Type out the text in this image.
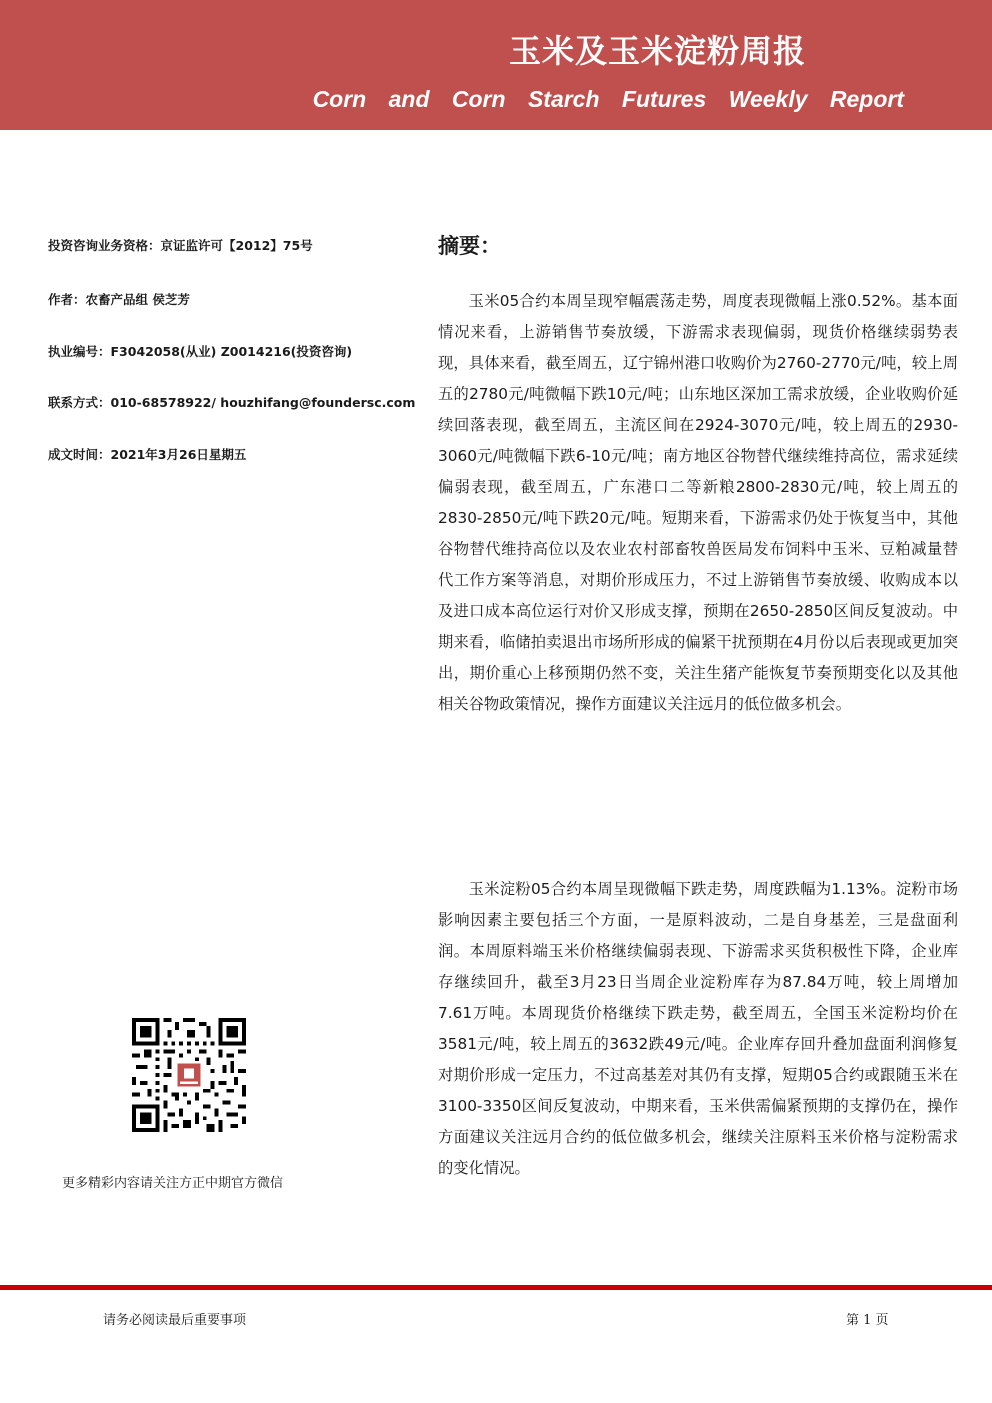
玉米及玉米淀粉周报
Corn and Corn Starch Futures Weekly Report
投资咨询业务资格：京证监许可【2012】75号
作者：农畜产品组 侯芝芳
执业编号：F3042058(从业) Z0014216(投资咨询)
联系方式：010-68578922/ houzhifang@foundersc.com
成文时间：2021年3月26日星期五
摘要：

玉米05合约本周呈现窄幅震荡走势，周度表现微幅上涨0.52%。基本面情况来看，上游销售节奏放缓，下游需求表现偏弱，现货价格继续弱势表现，具体来看，截至周五，辽宁锦州港口收购价为2760-2770元/吨，较上周五的2780元/吨微幅下跌10元/吨；山东地区深加工需求放缓，企业收购价延续回落表现，截至周五，主流区间在2924-3070元/吨，较上周五的2930-3060元/吨微幅下跌6-10元/吨；南方地区谷物替代继续维持高位，需求延续偏弱表现，截至周五，广东港口二等新粮2800-2830元/吨，较上周五的2830-2850元/吨下跌20元/吨。短期来看，下游需求仍处于恢复当中，其他谷物替代维持高位以及农业农村部畜牧兽医局发布饲料中玉米、豆粕减量替代工作方案等消息，对期价形成压力，不过上游销售节奏放缓、收购成本以及进口成本高位运行对价又形成支撑，预期在2650-2850区间反复波动。中期来看，临储拍卖退出市场所形成的偏紧干扰预期在4月份以后表现或更加突出，期价重心上移预期仍然不变，关注生猪产能恢复节奏预期变化以及其他相关谷物政策情况，操作方面建议关注远月的低位做多机会。

玉米淀粉05合约本周呈现微幅下跌走势，周度跌幅为1.13%。淀粉市场影响因素主要包括三个方面，一是原料波动，二是自身基差，三是盘面利润。本周原料端玉米价格继续偏弱表现、下游需求买货积极性下降，企业库存继续回升，截至3月23日当周企业淀粉库存为87.84万吨，较上周增加7.61万吨。本周现货价格继续下跌走势，截至周五，全国玉米淀粉均价在3581元/吨，较上周五的3632跌49元/吨。企业库存回升叠加盘面利润修复对期价形成一定压力，不过高基差对其仍有支撑，短期05合约或跟随玉米在3100-3350区间反复波动，中期来看，玉米供需偏紧预期的支撑仍在，操作方面建议关注远月合约的低位做多机会，继续关注原料玉米价格与淀粉需求的变化情况。

更多精彩内容请关注方正中期官方微信
请务必阅读最后重要事项	第 1 页
